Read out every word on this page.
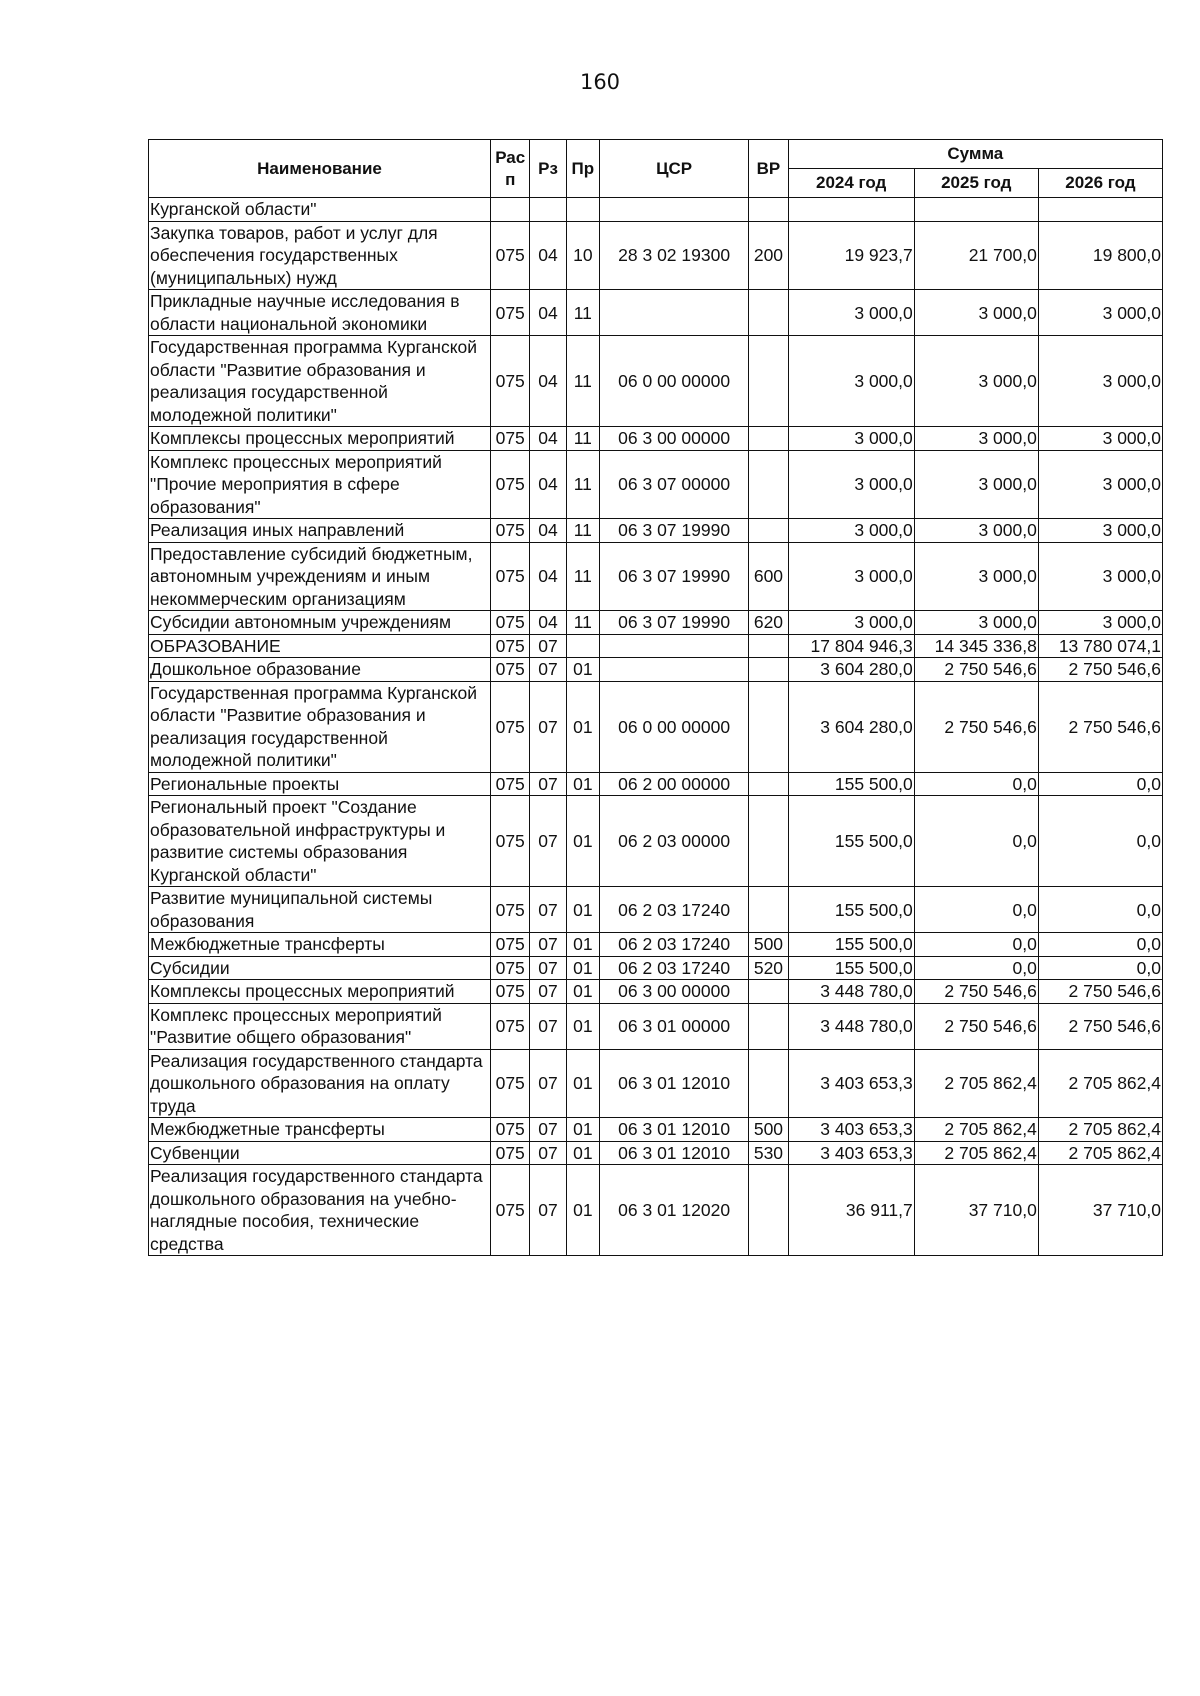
160
Наименование	Рас п	Рз	Пр	ЦСР	ВР	Сумма		
						2024 год	2025 год	2026 год
Курганской области"								
Закупка товаров, работ и услуг для обеспечения государственных (муниципальных) нужд	075	04	10	28 3 02 19300	200	19 923,7	21 700,0	19 800,0
Прикладные научные исследования в области национальной экономики	075	04	11			3 000,0	3 000,0	3 000,0
Государственная программа Курганской области "Развитие образования и реализация государственной молодежной политики"	075	04	11	06 0 00 00000		3 000,0	3 000,0	3 000,0
Комплексы процессных мероприятий	075	04	11	06 3 00 00000		3 000,0	3 000,0	3 000,0
Комплекс процессных мероприятий "Прочие мероприятия в сфере образования"	075	04	11	06 3 07 00000		3 000,0	3 000,0	3 000,0
Реализация иных направлений	075	04	11	06 3 07 19990		3 000,0	3 000,0	3 000,0
Предоставление субсидий бюджетным, автономным учреждениям и иным некоммерческим организациям	075	04	11	06 3 07 19990	600	3 000,0	3 000,0	3 000,0
Субсидии автономным учреждениям	075	04	11	06 3 07 19990	620	3 000,0	3 000,0	3 000,0
ОБРАЗОВАНИЕ	075	07				17 804 946,3	14 345 336,8	13 780 074,1
Дошкольное образование	075	07	01			3 604 280,0	2 750 546,6	2 750 546,6
Государственная программа Курганской области "Развитие образования и реализация государственной молодежной политики"	075	07	01	06 0 00 00000		3 604 280,0	2 750 546,6	2 750 546,6
Региональные проекты	075	07	01	06 2 00 00000		155 500,0	0,0	0,0
Региональный проект "Создание образовательной инфраструктуры и развитие системы образования Курганской области"	075	07	01	06 2 03 00000		155 500,0	0,0	0,0
Развитие муниципальной системы образования	075	07	01	06 2 03 17240		155 500,0	0,0	0,0
Межбюджетные трансферты	075	07	01	06 2 03 17240	500	155 500,0	0,0	0,0
Субсидии	075	07	01	06 2 03 17240	520	155 500,0	0,0	0,0
Комплексы процессных мероприятий	075	07	01	06 3 00 00000		3 448 780,0	2 750 546,6	2 750 546,6
Комплекс процессных мероприятий "Развитие общего образования"	075	07	01	06 3 01 00000		3 448 780,0	2 750 546,6	2 750 546,6
Реализация государственного стандарта дошкольного образования на оплату труда	075	07	01	06 3 01 12010		3 403 653,3	2 705 862,4	2 705 862,4
Межбюджетные трансферты	075	07	01	06 3 01 12010	500	3 403 653,3	2 705 862,4	2 705 862,4
Субвенции	075	07	01	06 3 01 12010	530	3 403 653,3	2 705 862,4	2 705 862,4
Реализация государственного стандарта дошкольного образования на учебно-наглядные пособия, технические средства	075	07	01	06 3 01 12020		36 911,7	37 710,0	37 710,0
